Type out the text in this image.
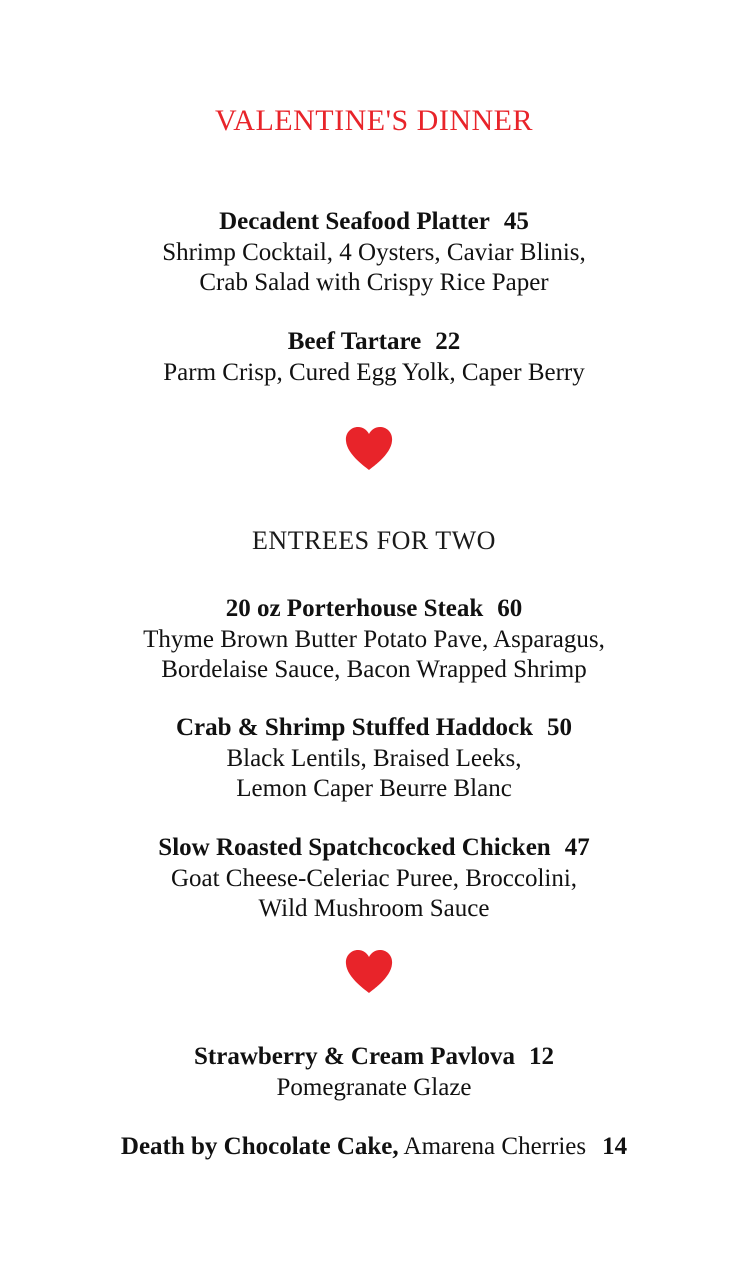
VALENTINE'S DINNER
Decadent Seafood Platter 45
Shrimp Cocktail, 4 Oysters, Caviar Blinis,
Crab Salad with Crispy Rice Paper
Beef Tartare 22
Parm Crisp, Cured Egg Yolk, Caper Berry
ENTREES FOR TWO
20 oz Porterhouse Steak 60
Thyme Brown Butter Potato Pave, Asparagus,
Bordelaise Sauce, Bacon Wrapped Shrimp
Crab & Shrimp Stuffed Haddock 50
Black Lentils, Braised Leeks,
Lemon Caper Beurre Blanc
Slow Roasted Spatchcocked Chicken 47
Goat Cheese-Celeriac Puree, Broccolini,
Wild Mushroom Sauce
Strawberry & Cream Pavlova 12
Pomegranate Glaze
Death by Chocolate Cake, Amarena Cherries 14
